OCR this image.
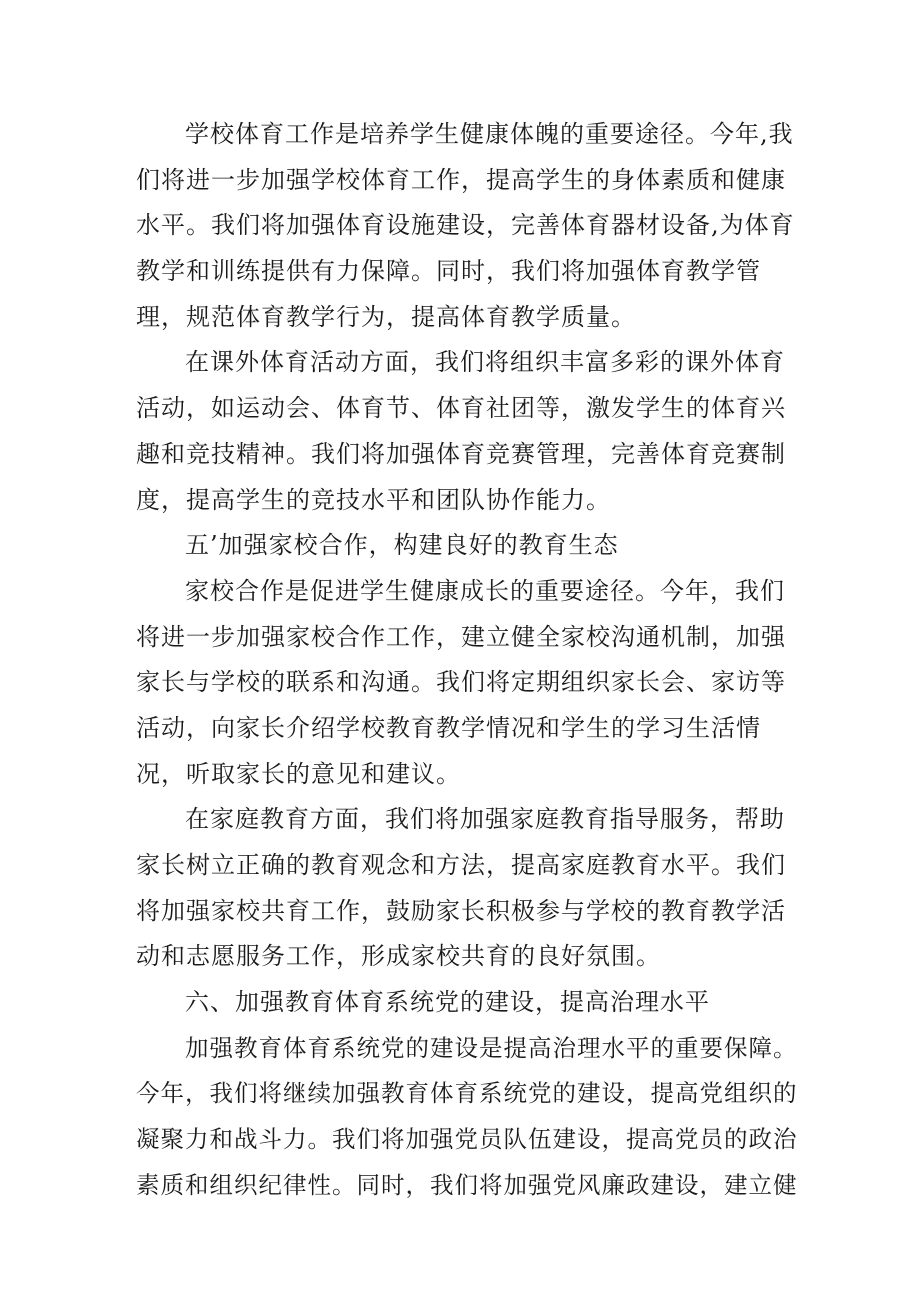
学校体育工作是培养学生健康体魄的重要途径。今年,我
们将进一步加强学校体育工作，提高学生的身体素质和健康
水平。我们将加强体育设施建设，完善体育器材设备,为体育
教学和训练提供有力保障。同时，我们将加强体育教学管
理，规范体育教学行为，提高体育教学质量。
在课外体育活动方面，我们将组织丰富多彩的课外体育
活动，如运动会、体育节、体育社团等，激发学生的体育兴
趣和竞技精神。我们将加强体育竞赛管理，完善体育竞赛制
度，提高学生的竞技水平和团队协作能力。
五’加强家校合作，构建良好的教育生态
家校合作是促进学生健康成长的重要途径。今年，我们
将进一步加强家校合作工作，建立健全家校沟通机制，加强
家长与学校的联系和沟通。我们将定期组织家长会、家访等
活动，向家长介绍学校教育教学情况和学生的学习生活情
况，听取家长的意见和建议。
在家庭教育方面，我们将加强家庭教育指导服务，帮助
家长树立正确的教育观念和方法，提高家庭教育水平。我们
将加强家校共育工作，鼓励家长积极参与学校的教育教学活
动和志愿服务工作，形成家校共育的良好氛围。
六、加强教育体育系统党的建设，提高治理水平
加强教育体育系统党的建设是提高治理水平的重要保障。
今年，我们将继续加强教育体育系统党的建设，提高党组织的
凝聚力和战斗力。我们将加强党员队伍建设，提高党员的政治
素质和组织纪律性。同时，我们将加强党风廉政建设，建立健
